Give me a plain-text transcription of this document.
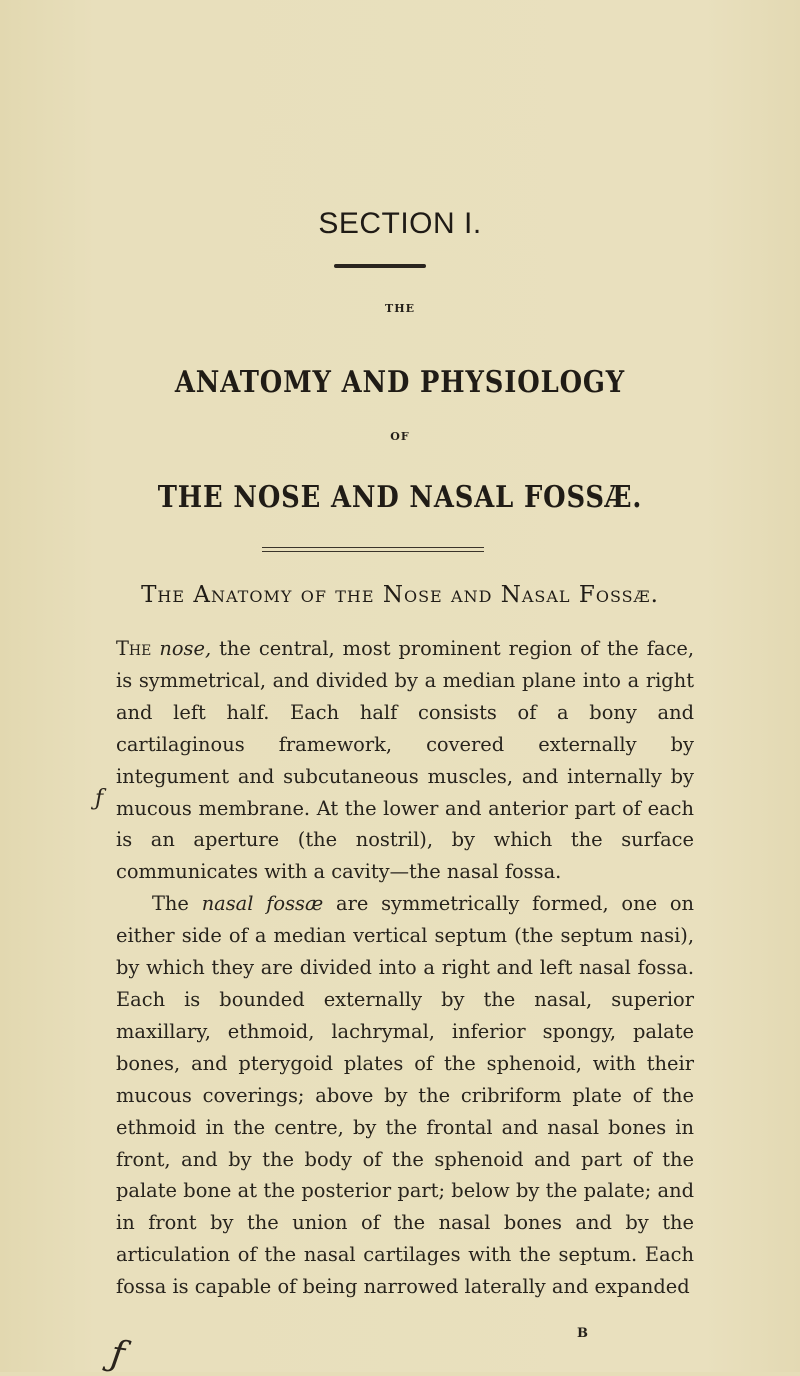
SECTION I.
THE
ANATOMY AND PHYSIOLOGY
OF
THE NOSE AND NASAL FOSSÆ.
The Anatomy of the Nose and Nasal Fossæ.

The nose, the central, most prominent region of the face, is symmetrical, and divided by a median plane into a right and left half. Each half consists of a bony and cartilaginous framework, covered externally by integument and subcutaneous muscles, and internally by mucous membrane. At the lower and anterior part of each is an aperture (the nostril), by which the surface communicates with a cavity—the nasal fossa.

The nasal fossæ are symmetrically formed, one on either side of a median vertical septum (the septum nasi), by which they are divided into a right and left nasal fossa. Each is bounded externally by the nasal, superior maxillary, ethmoid, lachrymal, inferior spongy, palate bones, and pterygoid plates of the sphenoid, with their mucous coverings; above by the cribriform plate of the ethmoid in the centre, by the frontal and nasal bones in front, and by the body of the sphenoid and part of the palate bone at the posterior part; below by the palate; and in front by the union of the nasal bones and by the articulation of the nasal cartilages with the septum. Each fossa is capable of being narrowed laterally and expanded

ƒ
ƒ	B
